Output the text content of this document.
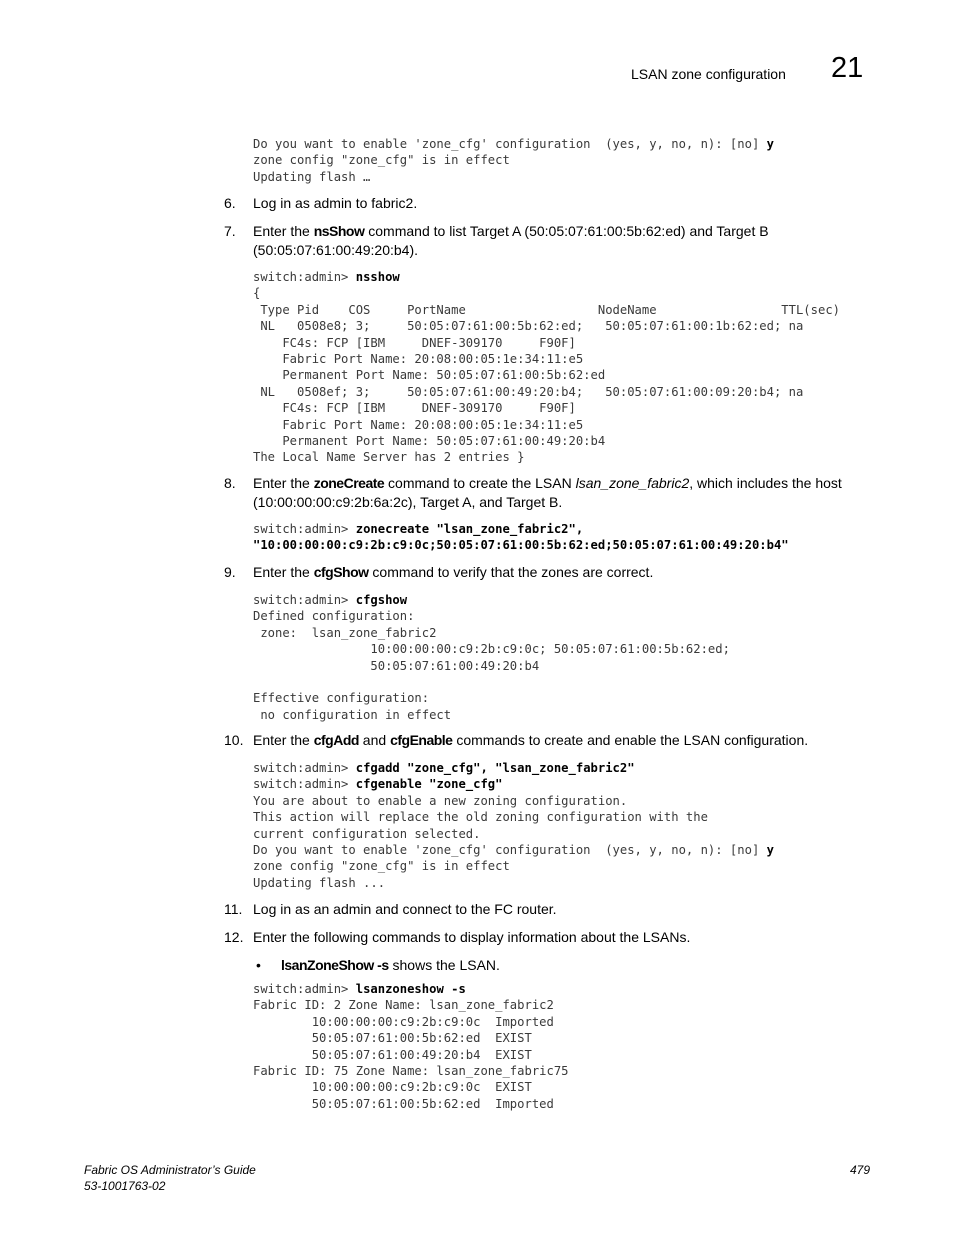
LSAN zone configuration 21
Do you want to enable 'zone_cfg' configuration  (yes, y, no, n): [no] y
zone config "zone_cfg" is in effect
Updating flash …
6. Log in as admin to fabric2.
7. Enter the nsShow command to list Target A (50:05:07:61:00:5b:62:ed) and Target B
(50:05:07:61:00:49:20:b4).
switch:admin> nsshow
{
Type Pid    COS     PortName                  NodeName                 TTL(sec)
NL   0508e8; 3;     50:05:07:61:00:5b:62:ed;   50:05:07:61:00:1b:62:ed; na
FC4s: FCP [IBM     DNEF-309170     F90F]
Fabric Port Name: 20:08:00:05:1e:34:11:e5
Permanent Port Name: 50:05:07:61:00:5b:62:ed
NL   0508ef; 3;     50:05:07:61:00:49:20:b4;   50:05:07:61:00:09:20:b4; na
FC4s: FCP [IBM     DNEF-309170     F90F]
Fabric Port Name: 20:08:00:05:1e:34:11:e5
Permanent Port Name: 50:05:07:61:00:49:20:b4
The Local Name Server has 2 entries }
8. Enter the zoneCreate command to create the LSAN lsan_zone_fabric2, which includes the host (10:00:00:00:c9:2b:6a:2c), Target A, and Target B.
switch:admin> zonecreate "lsan_zone_fabric2",
"10:00:00:00:c9:2b:c9:0c;50:05:07:61:00:5b:62:ed;50:05:07:61:00:49:20:b4"
9. Enter the cfgShow command to verify that the zones are correct.
switch:admin> cfgshow
Defined configuration:
zone:  lsan_zone_fabric2
10:00:00:00:c9:2b:c9:0c; 50:05:07:61:00:5b:62:ed;
50:05:07:61:00:49:20:b4

Effective configuration:
no configuration in effect
10. Enter the cfgAdd and cfgEnable commands to create and enable the LSAN configuration.
switch:admin> cfgadd "zone_cfg", "lsan_zone_fabric2"
switch:admin> cfgenable "zone_cfg"
You are about to enable a new zoning configuration.
This action will replace the old zoning configuration with the
current configuration selected.
Do you want to enable 'zone_cfg' configuration  (yes, y, no, n): [no] y
zone config "zone_cfg" is in effect
Updating flash ...
11. Log in as an admin and connect to the FC router.
12. Enter the following commands to display information about the LSANs.
• lsanZoneShow -s shows the LSAN.
switch:admin> lsanzoneshow -s
Fabric ID: 2 Zone Name: lsan_zone_fabric2
10:00:00:00:c9:2b:c9:0c  Imported
50:05:07:61:00:5b:62:ed  EXIST
50:05:07:61:00:49:20:b4  EXIST
Fabric ID: 75 Zone Name: lsan_zone_fabric75
10:00:00:00:c9:2b:c9:0c  EXIST
50:05:07:61:00:5b:62:ed  Imported
Fabric OS Administrator’s Guide
53-1001763-02
479
